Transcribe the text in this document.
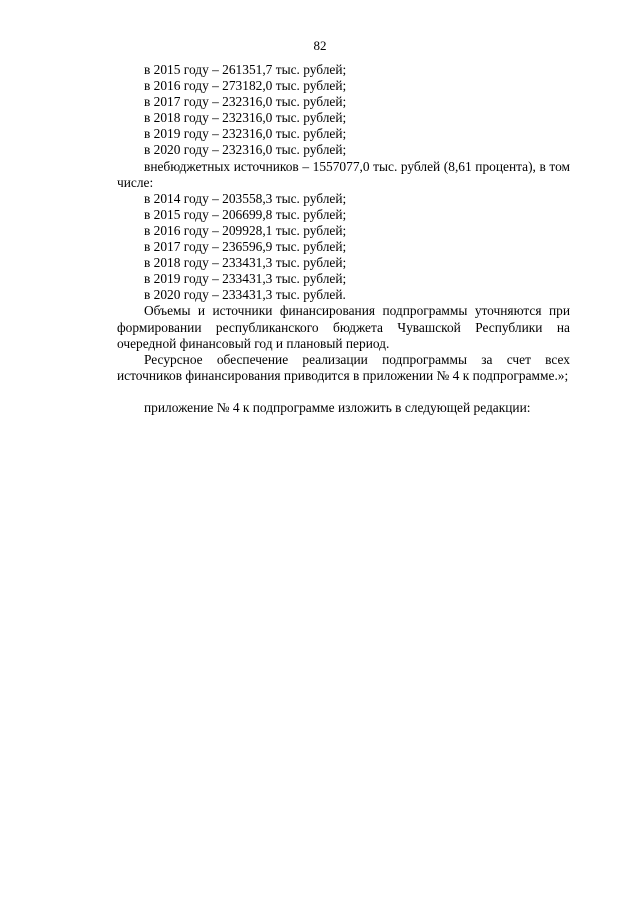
82

в 2015 году – 261351,7 тыс. рублей;

в 2016 году – 273182,0 тыс. рублей;

в 2017 году – 232316,0 тыс. рублей;

в 2018 году – 232316,0 тыс. рублей;

в 2019 году – 232316,0 тыс. рублей;

в 2020 году – 232316,0 тыс. рублей;

внебюджетных источников – 1557077,0 тыс. рублей (8,61 процента), в том числе:

в 2014 году – 203558,3 тыс. рублей;

в 2015 году – 206699,8 тыс. рублей;

в 2016 году – 209928,1 тыс. рублей;

в 2017 году – 236596,9 тыс. рублей;

в 2018 году – 233431,3 тыс. рублей;

в 2019 году – 233431,3 тыс. рублей;

в 2020 году – 233431,3 тыс. рублей.

Объемы и источники финансирования подпрограммы уточняются при формировании республиканского бюджета Чувашской Республики на очередной финансовый год и плановый период.

Ресурсное обеспечение реализации подпрограммы за счет всех источников финансирования приводится в приложении № 4 к подпрограмме.»;

приложение № 4 к подпрограмме изложить в следующей редакции:
